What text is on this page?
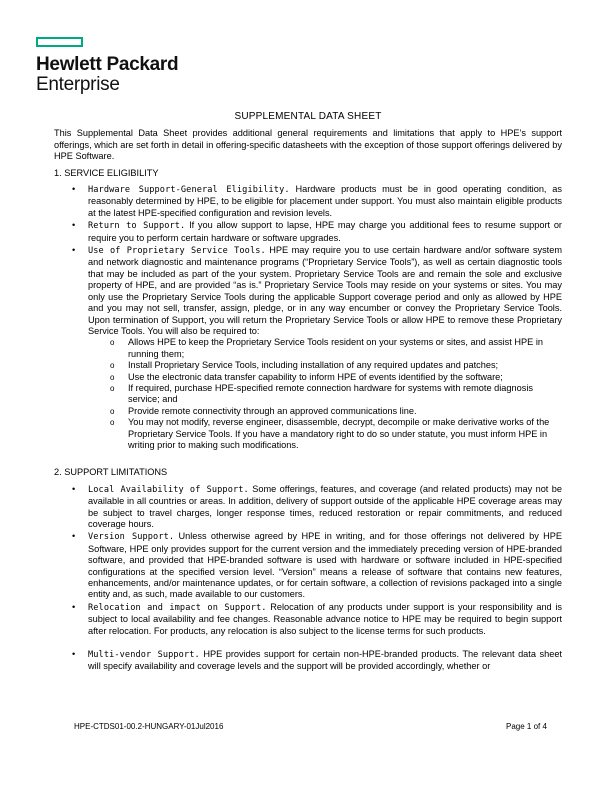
Hewlett Packard
Enterprise
SUPPLEMENTAL DATA SHEET

This Supplemental Data Sheet provides additional general requirements and limitations that apply to HPE’s support offerings, which are set forth in detail in offering-specific datasheets with the exception of those support offerings delivered by HPE Software.

1. SERVICE ELIGIBILITY
• Hardware Support-General Eligibility. Hardware products must be in good operating condition, as reasonably determined by HPE, to be eligible for placement under support. You must also maintain eligible products at the latest HPE-specified configuration and revision levels.
• Return to Support. If you allow support to lapse, HPE may charge you additional fees to resume support or require you to perform certain hardware or software upgrades.
• Use of Proprietary Service Tools. HPE may require you to use certain hardware and/or software system and network diagnostic and maintenance programs (“Proprietary Service Tools”), as well as certain diagnostic tools that may be included as part of the your system. Proprietary Service Tools are and remain the sole and exclusive property of HPE, and are provided “as is.” Proprietary Service Tools may reside on your systems or sites. You may only use the Proprietary Service Tools during the applicable Support coverage period and only as allowed by HPE and you may not sell, transfer, assign, pledge, or in any way encumber or convey the Proprietary Service Tools. Upon termination of Support, you will return the Proprietary Service Tools or allow HPE to remove these Proprietary Service Tools. You will also be required to:
o Allows HPE to keep the Proprietary Service Tools resident on your systems or sites, and assist HPE in running them;
o Install Proprietary Service Tools, including installation of any required updates and patches;
o Use the electronic data transfer capability to inform HPE of events identified by the software;
o If required, purchase HPE-specified remote connection hardware for systems with remote diagnosis service; and
o Provide remote connectivity through an approved communications line.
o You may not modify, reverse engineer, disassemble, decrypt, decompile or make derivative works of the Proprietary Service Tools. If you have a mandatory right to do so under statute, you must inform HPE in writing prior to making such modifications.
2. SUPPORT LIMITATIONS
• Local Availability of Support. Some offerings, features, and coverage (and related products) may not be available in all countries or areas. In addition, delivery of support outside of the applicable HPE coverage areas may be subject to travel charges, longer response times, reduced restoration or repair commitments, and reduced coverage hours.
• Version Support. Unless otherwise agreed by HPE in writing, and for those offerings not delivered by HPE Software, HPE only provides support for the current version and the immediately preceding version of HPE-branded software, and provided that HPE-branded software is used with hardware or software included in HPE-specified configurations at the specified version level. “Version” means a release of software that contains new features, enhancements, and/or maintenance updates, or for certain software, a collection of revisions packaged into a single entity and, as such, made available to our customers.
• Relocation and impact on Support. Relocation of any products under support is your responsibility and is subject to local availability and fee changes. Reasonable advance notice to HPE may be required to begin support after relocation. For products, any relocation is also subject to the license terms for such products.
• Multi-vendor Support. HPE provides support for certain non-HPE-branded products. The relevant data sheet will specify availability and coverage levels and the support will be provided accordingly, whether or
HPE-CTDS01-00.2-HUNGARY-01Jul2016	Page 1 of 4
